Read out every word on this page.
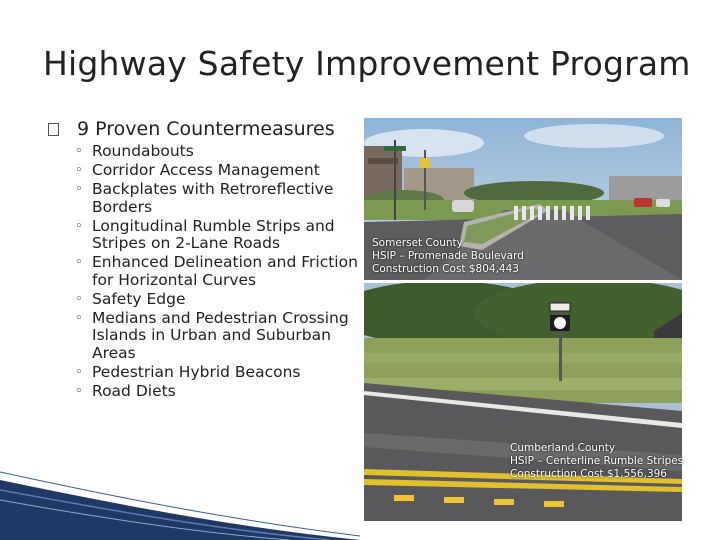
Highway Safety Improvement Program
9 Proven Countermeasures
◦ Roundabouts
◦ Corridor Access Management
◦ Backplates with Retroreflective Borders
◦ Longitudinal Rumble Strips and Stripes on 2-Lane Roads
◦ Enhanced Delineation and Friction for Horizontal Curves
◦ Safety Edge
◦ Medians and Pedestrian Crossing Islands in Urban and Suburban Areas
◦ Pedestrian Hybrid Beacons
◦ Road Diets
Somerset County
HSIP – Promenade Boulevard
Construction Cost $804,443
Cumberland County
HSIP – Centerline Rumble Stripes
Construction Cost $1,556,396
